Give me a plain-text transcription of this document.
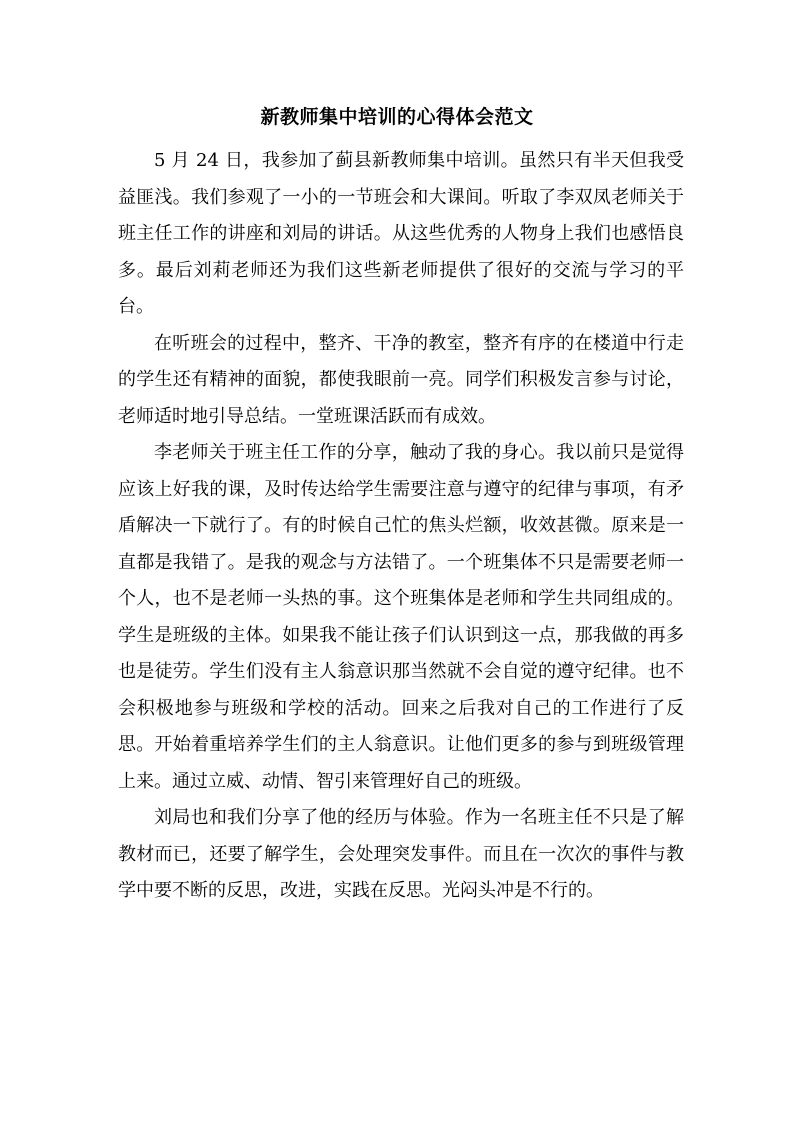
新教师集中培训的心得体会范文

5 月 24 日，我参加了蓟县新教师集中培训。虽然只有半天但我受益匪浅。我们参观了一小的一节班会和大课间。听取了李双凤老师关于班主任工作的讲座和刘局的讲话。从这些优秀的人物身上我们也感悟良多。最后刘莉老师还为我们这些新老师提供了很好的交流与学习的平台。

在听班会的过程中，整齐、干净的教室，整齐有序的在楼道中行走的学生还有精神的面貌，都使我眼前一亮。同学们积极发言参与讨论，老师适时地引导总结。一堂班课活跃而有成效。

李老师关于班主任工作的分享，触动了我的身心。我以前只是觉得应该上好我的课，及时传达给学生需要注意与遵守的纪律与事项，有矛盾解决一下就行了。有的时候自己忙的焦头烂额，收效甚微。原来是一直都是我错了。是我的观念与方法错了。一个班集体不只是需要老师一个人，也不是老师一头热的事。这个班集体是老师和学生共同组成的。学生是班级的主体。如果我不能让孩子们认识到这一点，那我做的再多也是徒劳。学生们没有主人翁意识那当然就不会自觉的遵守纪律。也不会积极地参与班级和学校的活动。回来之后我对自己的工作进行了反思。开始着重培养学生们的主人翁意识。让他们更多的参与到班级管理上来。通过立威、动情、智引来管理好自己的班级。

刘局也和我们分享了他的经历与体验。作为一名班主任不只是了解教材而已，还要了解学生，会处理突发事件。而且在一次次的事件与教学中要不断的反思，改进，实践在反思。光闷头冲是不行的。
